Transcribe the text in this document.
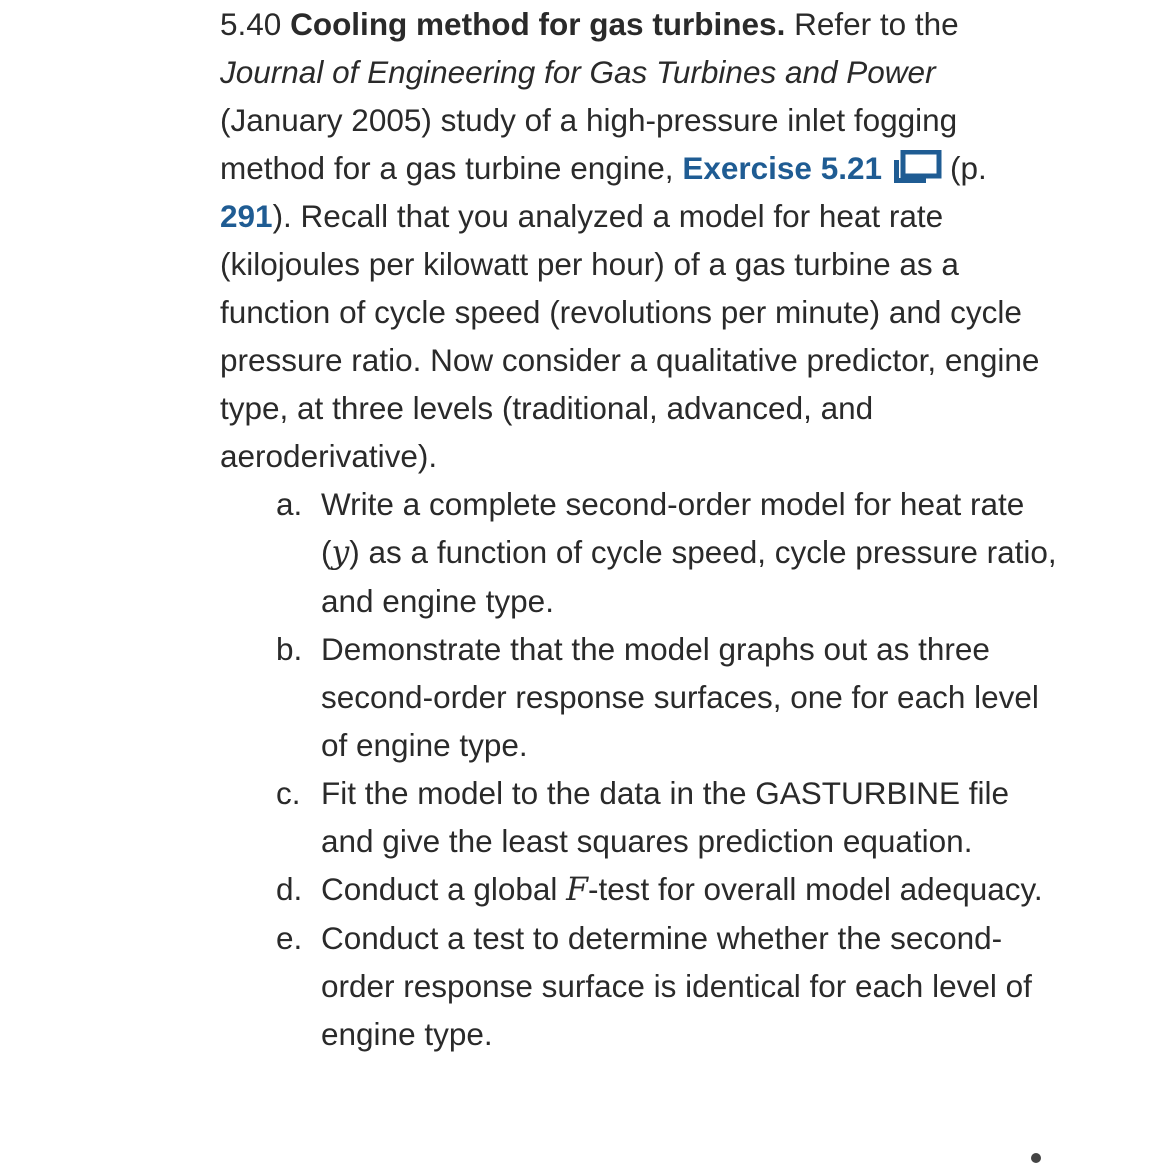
5.40 Cooling method for gas turbines. Refer to the Journal of Engineering for Gas Turbines and Power (January 2005) study of a high-pressure inlet fogging method for a gas turbine engine, Exercise 5.21 (p. 291). Recall that you analyzed a model for heat rate (kilojoules per kilowatt per hour) of a gas turbine as a function of cycle speed (revolutions per minute) and cycle pressure ratio. Now consider a qualitative predictor, engine type, at three levels (traditional, advanced, and aeroderivative).
a. Write a complete second-order model for heat rate (y) as a function of cycle speed, cycle pressure ratio, and engine type.
b. Demonstrate that the model graphs out as three second-order response surfaces, one for each level of engine type.
c. Fit the model to the data in the GASTURBINE file and give the least squares prediction equation.
d. Conduct a global F-test for overall model adequacy.
e. Conduct a test to determine whether the second-order response surface is identical for each level of engine type.
